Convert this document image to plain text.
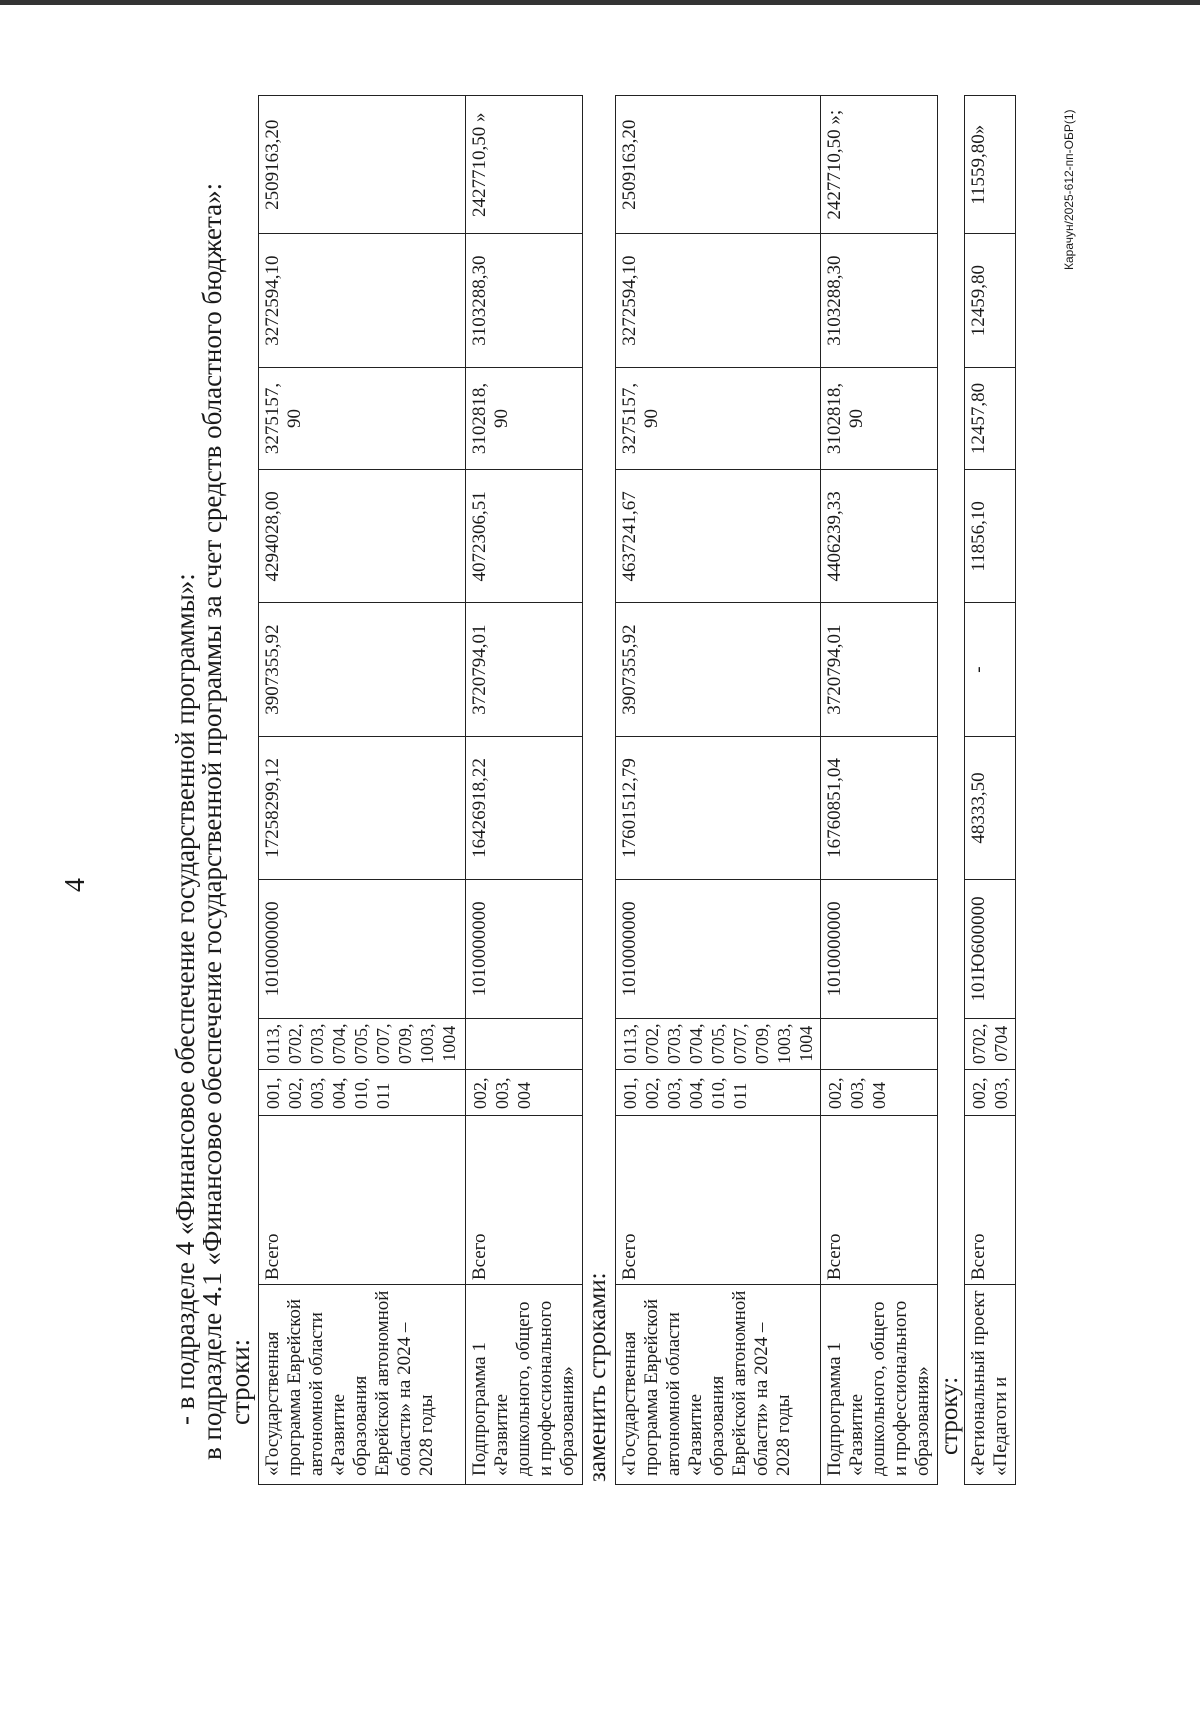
4	- в подразделе 4 «Финансовое обеспечение государственной программы»:
в подразделе 4.1 «Финансовое обеспечение государственной программы за счет средств областного бюджета»:
строки: «Государственная программа Еврейской автономной области «Развитие образования Еврейской автономной области» на 2024 – 2028 годы	Всего	001, 002, 003, 004, 010, 011	0113, 0702, 0703, 0704, 0705, 0707, 0709, 1003, 1004	1010000000	17258299,12	3907355,92	4294028,00	3275157, 90	3272594,10	2509163,20
Подпрограмма 1 «Развитие дошкольного, общего и профессионального образования»	Всего	002, 003, 004		1010000000	16426918,22	3720794,01	4072306,51	3102818, 90	3103288,30	2427710,50 »
заменить строками: «Государственная программа Еврейской автономной области «Развитие образования Еврейской автономной области» на 2024 – 2028 годы	Всего	001, 002, 003, 004, 010, 011	0113, 0702, 0703, 0704, 0705, 0707, 0709, 1003, 1004	1010000000	17601512,79	3907355,92	4637241,67	3275157, 90	3272594,10	2509163,20
Подпрограмма 1 «Развитие дошкольного, общего и профессионального образования»	Всего	002, 003, 004		1010000000	16760851,04	3720794,01	4406239,33	3102818, 90	3103288,30	2427710,50 »;
строку: «Региональный проект «Педагоги и	Всего	002, 003,	0702, 0704	101Ю600000	48333,50	-	11856,10	12457,80	12459,80	11559,80»	Карачун/2025-612-пп-ОБР(1)
